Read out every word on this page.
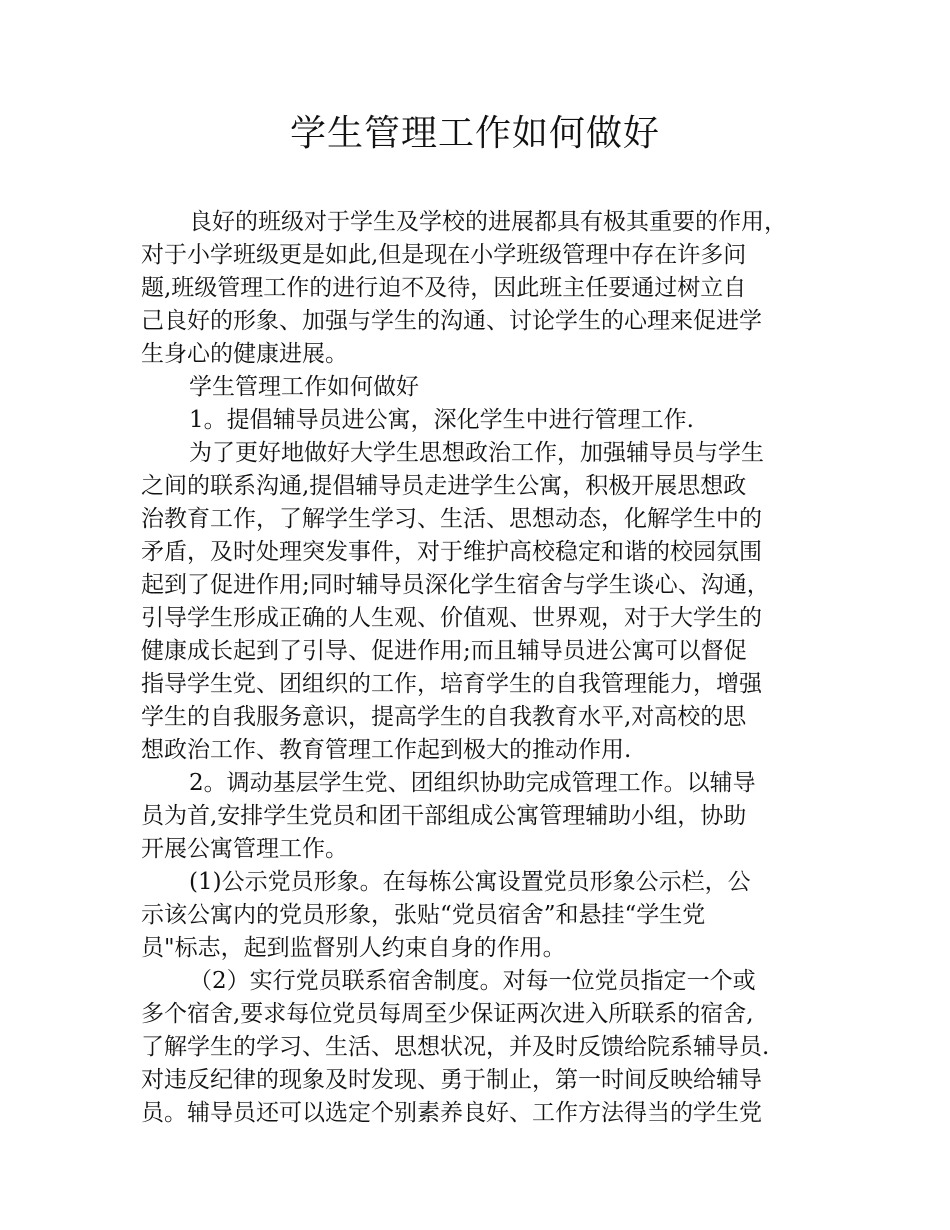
学生管理工作如何做好
良好的班级对于学生及学校的进展都具有极其重要的作用，
对于小学班级更是如此,但是现在小学班级管理中存在许多问
题,班级管理工作的进行迫不及待，因此班主任要通过树立自
己良好的形象、加强与学生的沟通、讨论学生的心理来促进学
生身心的健康进展。
学生管理工作如何做好
1。提倡辅导员进公寓，深化学生中进行管理工作.
为了更好地做好大学生思想政治工作，加强辅导员与学生
之间的联系沟通,提倡辅导员走进学生公寓，积极开展思想政
治教育工作，了解学生学习、生活、思想动态，化解学生中的
矛盾，及时处理突发事件，对于维护高校稳定和谐的校园氛围
起到了促进作用;同时辅导员深化学生宿舍与学生谈心、沟通，
引导学生形成正确的人生观、价值观、世界观，对于大学生的
健康成长起到了引导、促进作用;而且辅导员进公寓可以督促
指导学生党、团组织的工作，培育学生的自我管理能力，增强
学生的自我服务意识，提高学生的自我教育水平,对高校的思
想政治工作、教育管理工作起到极大的推动作用.
2。调动基层学生党、团组织协助完成管理工作。以辅导
员为首,安排学生党员和团干部组成公寓管理辅助小组，协助
开展公寓管理工作。
(1)公示党员形象。在每栋公寓设置党员形象公示栏，公
示该公寓内的党员形象，张贴“党员宿舍”和悬挂“学生党
员"标志，起到监督别人约束自身的作用。
（2）实行党员联系宿舍制度。对每一位党员指定一个或
多个宿舍,要求每位党员每周至少保证两次进入所联系的宿舍,
了解学生的学习、生活、思想状况，并及时反馈给院系辅导员.
对违反纪律的现象及时发现、勇于制止，第一时间反映给辅导
员。辅导员还可以选定个别素养良好、工作方法得当的学生党
